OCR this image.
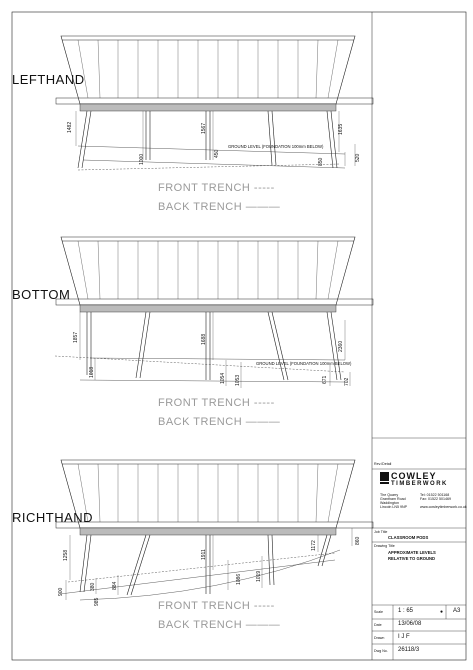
1482
1000
1567
450
1635
850	520
GROUND LEVEL (FOUNDATION 100mm BELOW)
1857
1018
1688
1054 1053
2360
671	702
GROUND LEVEL (FOUNDATION 100mm BELOW)
1258
900
380	884
1911
1086	1019
1172	860
985
LEFTHAND
BOTTOM
RICHTHAND
FRONT TRENCH -----
BACK TRENCH ———
FRONT TRENCH -----
BACK TRENCH ———
FRONT TRENCH -----
BACK TRENCH ———
Rev./Detail
COWLEY
TIMBERWORK
The Quarry
Grantham Road
Waddington
Lincoln LN5 9NP
Tel: 01522 501168
Fax: 01522 501469
www.cowleytimberwork.co.uk
Job Title
CLASSROOM PODS
Drawing Title
APPROXIMATE LEVELS
RELATIVE TO GROUND
Scale	1 : 65	● A3
Date	13/06/08
Drawn I J F
Dwg No. 26118/3
